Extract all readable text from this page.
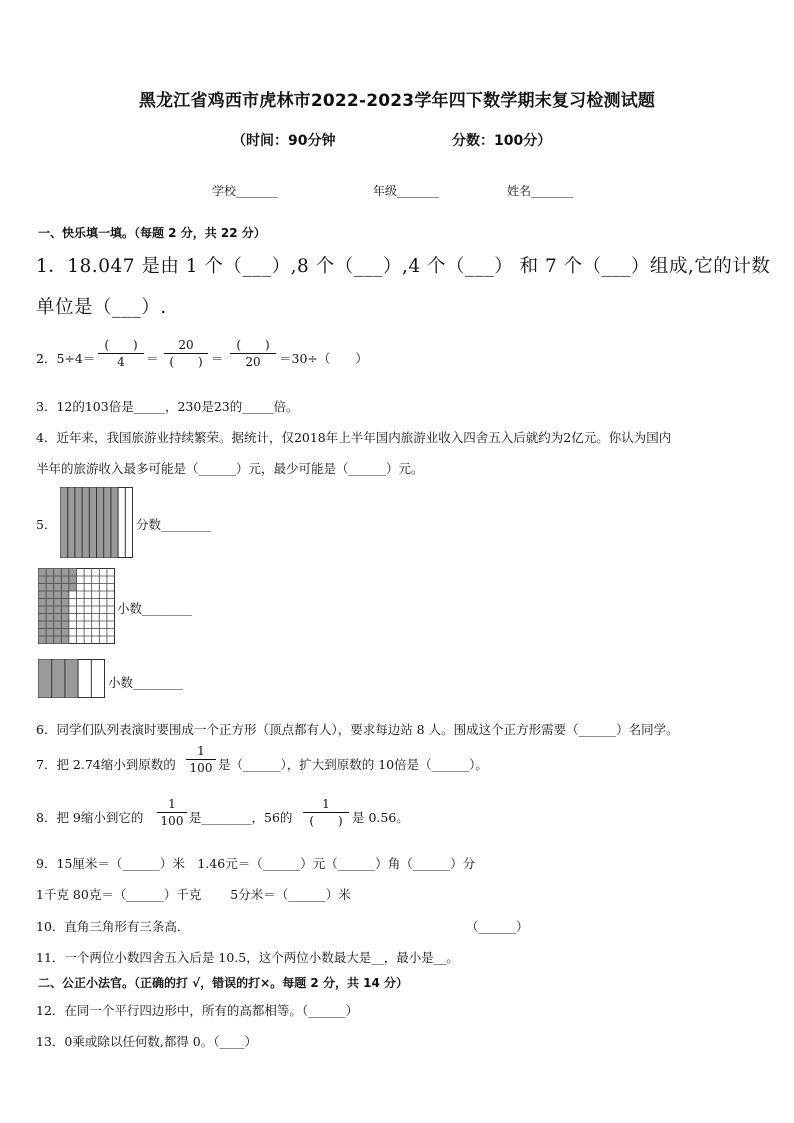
黑龙江省鸡西市虎林市2022-2023学年四下数学期末复习检测试题
（时间：90分钟	分数：100分）
学校_______	年级_______	姓名_______
一、快乐填一填。（每题 2 分，共 22 分）
1．18.047 是由 1 个（___）,8 个（___）,4 个（___） 和 7 个（___）组成,它的计数
单位是（___）.
2．5÷4＝
(　　)
4	＝
20
(　　) ＝
(　　)
20	＝30÷（　　）
3．12的103倍是_____，230是23的_____倍。
4．近年来，我国旅游业持续繁荣。据统计，仅2018年上半年国内旅游业收入四舍五入后就约为2亿元。你认为国内
半年的旅游收入最多可能是（______）元，最少可能是（______）元。
5．	分数________
小数________
小数________
6．同学们队列表演时要围成一个正方形（顶点都有人），要求每边站 8 人。围成这个正方形需要（______）名同学。
7．把 2.74缩小到原数的
1
100 是（______），扩大到原数的 10倍是（______）。
8．把 9缩小到它的
1
100 是________，56的
1
(　　) 是 0.56。
9．15厘米＝（______）米　1.46元＝（______）元（______）角（______）分
1千克 80克＝（______）千克　　 5分米＝（______）米
10．直角三角形有三条高．	（______）
11．一个两位小数四舍五入后是 10.5，这个两位小数最大是__，最小是__。
二、公正小法官。（正确的打 √，错误的打×。每题 2 分，共 14 分）
12．在同一个平行四边形中，所有的高都相等。（______）
13．0乘或除以任何数,都得 0。（____）
